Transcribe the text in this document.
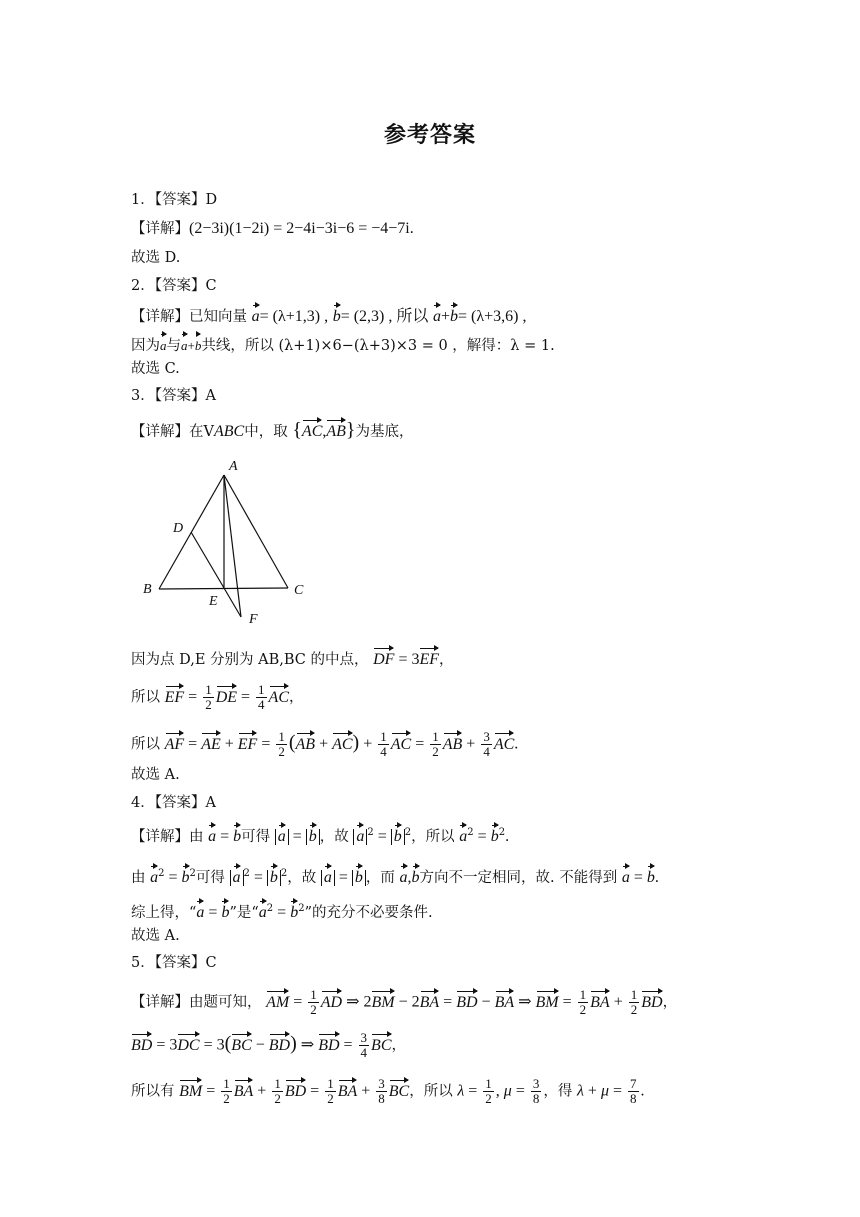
参考答案
1．【答案】D
【详解】(2−3i)(1−2i) = 2−4i−3i−6 = −4−7i.
故选 D.
2．【答案】C
【详解】已知向量 a= (λ+1,3) , b= (2,3) , 所以 a+b= (λ+3,6) ,
因为a与a+b共线，所以 (λ+1)×6−(λ+3)×3 = 0 ，解得：λ = 1.
故选 C.
3．【答案】A
【详解】在VABC中，取 {AC,AB}为基底，
A
D
B
E
C
F
因为点 D,E 分别为 AB,BC 的中点， DF = 3EF，
所以 EF = $\frac{1}{2}$ DE = $\frac{1}{4}$ AC，
所以 AF = AE + EF = $\frac{1}{2} (AB + AC) + \frac{1}{4}$ AC = $\frac{1}{2}$ AB + $\frac{3}{4}$ AC.
故选 A.
4．【答案】A
【详解】由 a = b可得 a = b ，故 a $^2$ = b $^2$，所以 $a^2 = b^2$.
由 $a^2 = b^2$可得 a $^2$ = b $^2$，故 a = b ，而 a,b方向不一定相同，故. 不能得到 a = b.
综上得，“a = b”是“$a^2 = b^2$”的充分不必要条件.
故选 A.
5．【答案】C
【详解】由题可知， AM = $\frac{1}{2}$ AD ⇒ 2BM − 2BA = BD − BA ⇒ BM = $\frac{1}{2}$ BA + $\frac{1}{2}$ BD，
BD = 3DC = 3(BC − BD) ⇒ BD = $\frac{3}{4}$ BC，
所以有 BM = $\frac{1}{2}$ BA + $\frac{1}{2}$ BD = $\frac{1}{2}$ BA + $\frac{3}{8}$ BC，所以 $\lambda = \frac{1}{2}$ , $\mu = \frac{3}{8}$ ，得 $\lambda + \mu = \frac{7}{8}$ .
